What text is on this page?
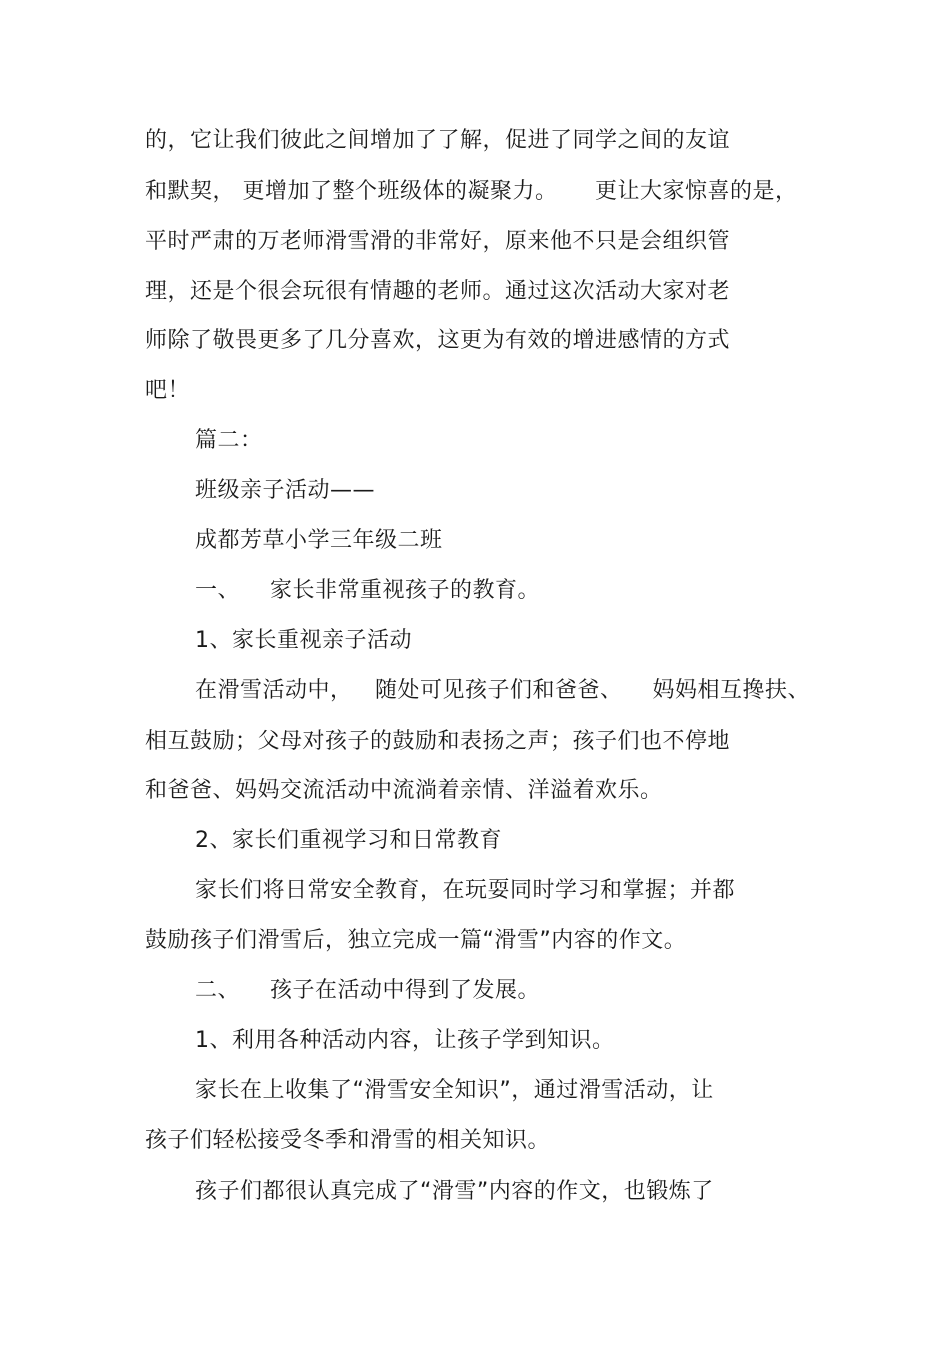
的，它让我们彼此之间增加了了解，促进了同学之间的友谊
和默契， 更增加了整个班级体的凝聚力。     更让大家惊喜的是，
平时严肃的万老师滑雪滑的非常好，原来他不只是会组织管
理，还是个很会玩很有情趣的老师。通过这次活动大家对老
师除了敬畏更多了几分喜欢，这更为有效的增进感情的方式
吧！
篇二：
班级亲子活动——
成都芳草小学三年级二班
一、    家长非常重视孩子的教育。
1、家长重视亲子活动
在滑雪活动中，   随处可见孩子们和爸爸、    妈妈相互搀扶、
相互鼓励；父母对孩子的鼓励和表扬之声；孩子们也不停地
和爸爸、妈妈交流活动中流淌着亲情、洋溢着欢乐。
2、家长们重视学习和日常教育
家长们将日常安全教育，在玩耍同时学习和掌握；并都
鼓励孩子们滑雪后，独立完成一篇“滑雪”内容的作文。
二、    孩子在活动中得到了发展。
1、利用各种活动内容，让孩子学到知识。
家长在上收集了“滑雪安全知识”，通过滑雪活动，让
孩子们轻松接受冬季和滑雪的相关知识。
孩子们都很认真完成了“滑雪”内容的作文，也锻炼了
